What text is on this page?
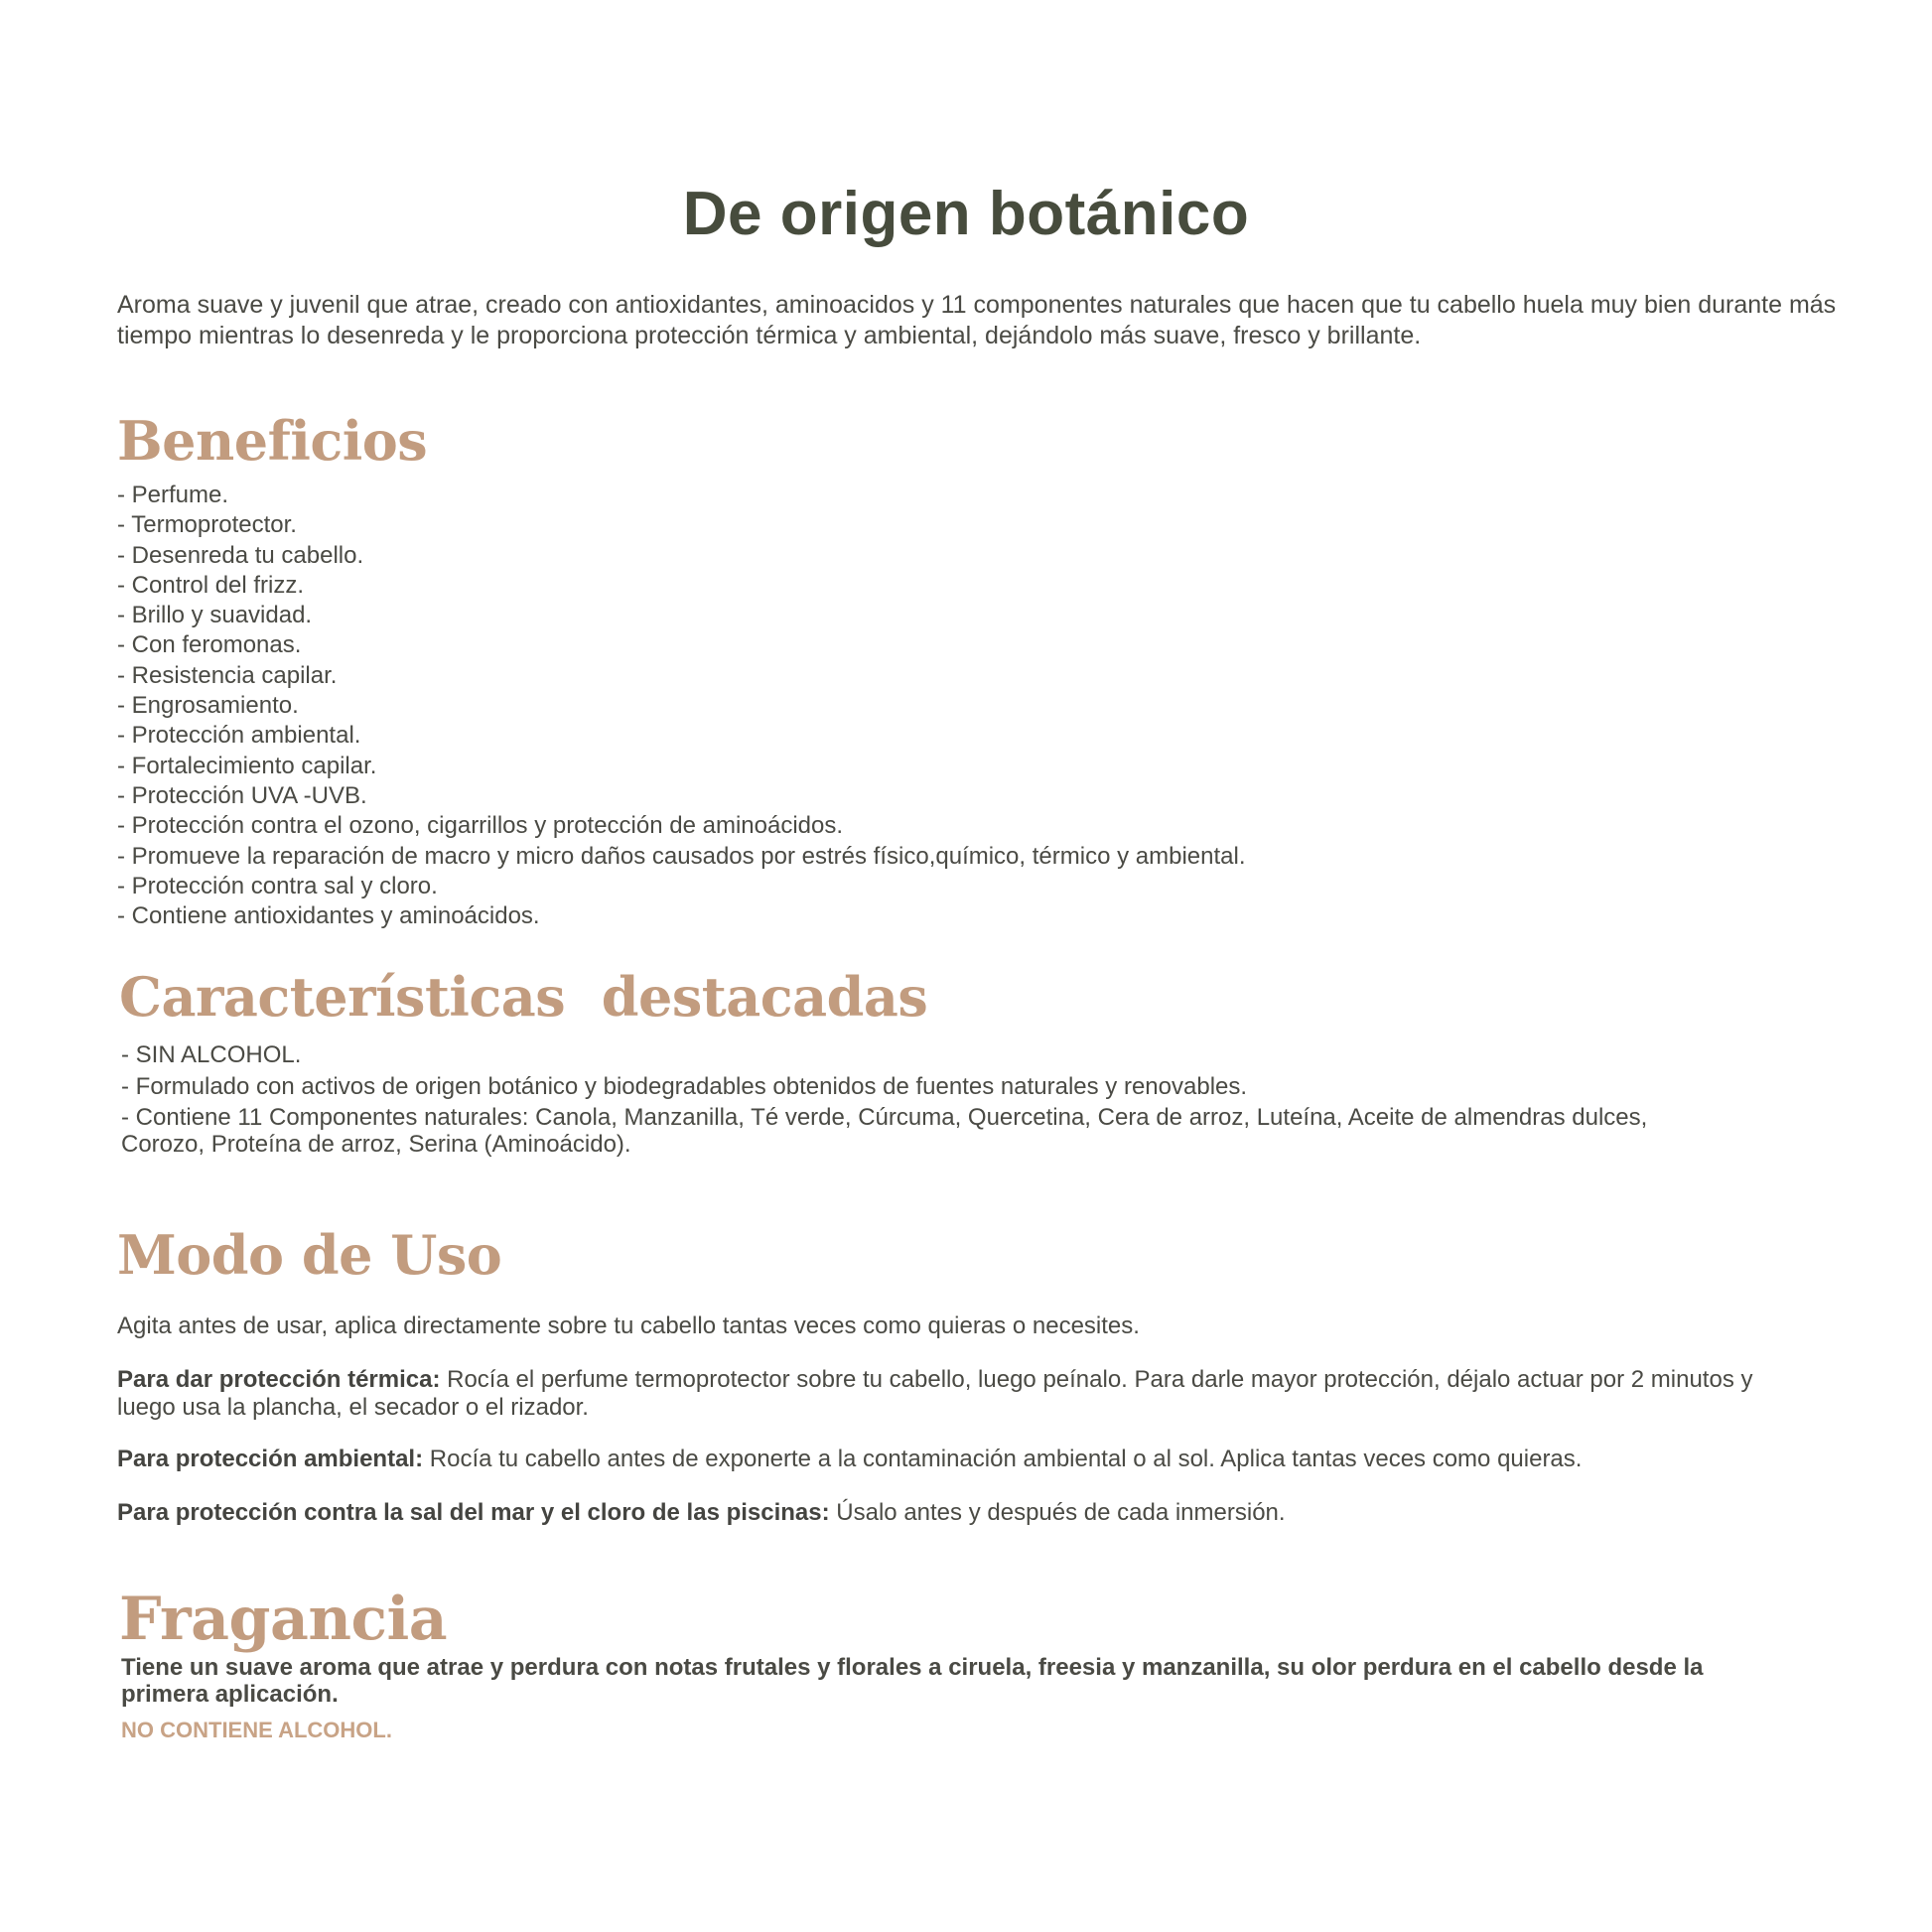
De origen botánico

Aroma suave y juvenil que atrae, creado con antioxidantes, aminoacidos y 11 componentes naturales que hacen que tu cabello huela muy bien durante más tiempo mientras lo desenreda y le proporciona protección térmica y ambiental, dejándolo más suave, fresco y brillante.

Beneficios
- Perfume.
- Termoprotector.
- Desenreda tu cabello.
- Control del frizz.
- Brillo y suavidad.
- Con feromonas.
- Resistencia capilar.
- Engrosamiento.
- Protección ambiental.
- Fortalecimiento capilar.
- Protección UVA -UVB.
- Protección contra el ozono, cigarrillos y protección de aminoácidos.
- Promueve la reparación de macro y micro daños causados por estrés físico,químico, térmico y ambiental.
- Protección contra sal y cloro.
- Contiene antioxidantes y aminoácidos.
Características  destacadas
- SIN ALCOHOL.
- Formulado con activos de origen botánico y biodegradables obtenidos de fuentes naturales y renovables.
- Contiene 11 Componentes naturales: Canola, Manzanilla, Té verde, Cúrcuma, Quercetina, Cera de arroz, Luteína, Aceite de almendras dulces, Corozo, Proteína de arroz, Serina (Aminoácido).
Modo de Uso

Agita antes de usar, aplica directamente sobre tu cabello tantas veces como quieras o necesites.

Para dar protección térmica: Rocía el perfume termoprotector sobre tu cabello, luego peínalo. Para darle mayor protección, déjalo actuar por 2 minutos y luego usa la plancha, el secador o el rizador.

Para protección ambiental: Rocía tu cabello antes de exponerte a la contaminación ambiental o al sol. Aplica tantas veces como quieras.

Para protección contra la sal del mar y el cloro de las piscinas: Úsalo antes y después de cada inmersión.

Fragancia

Tiene un suave aroma que atrae y perdura con notas frutales y florales a ciruela, freesia y manzanilla, su olor perdura en el cabello desde la primera aplicación.

NO CONTIENE ALCOHOL.
